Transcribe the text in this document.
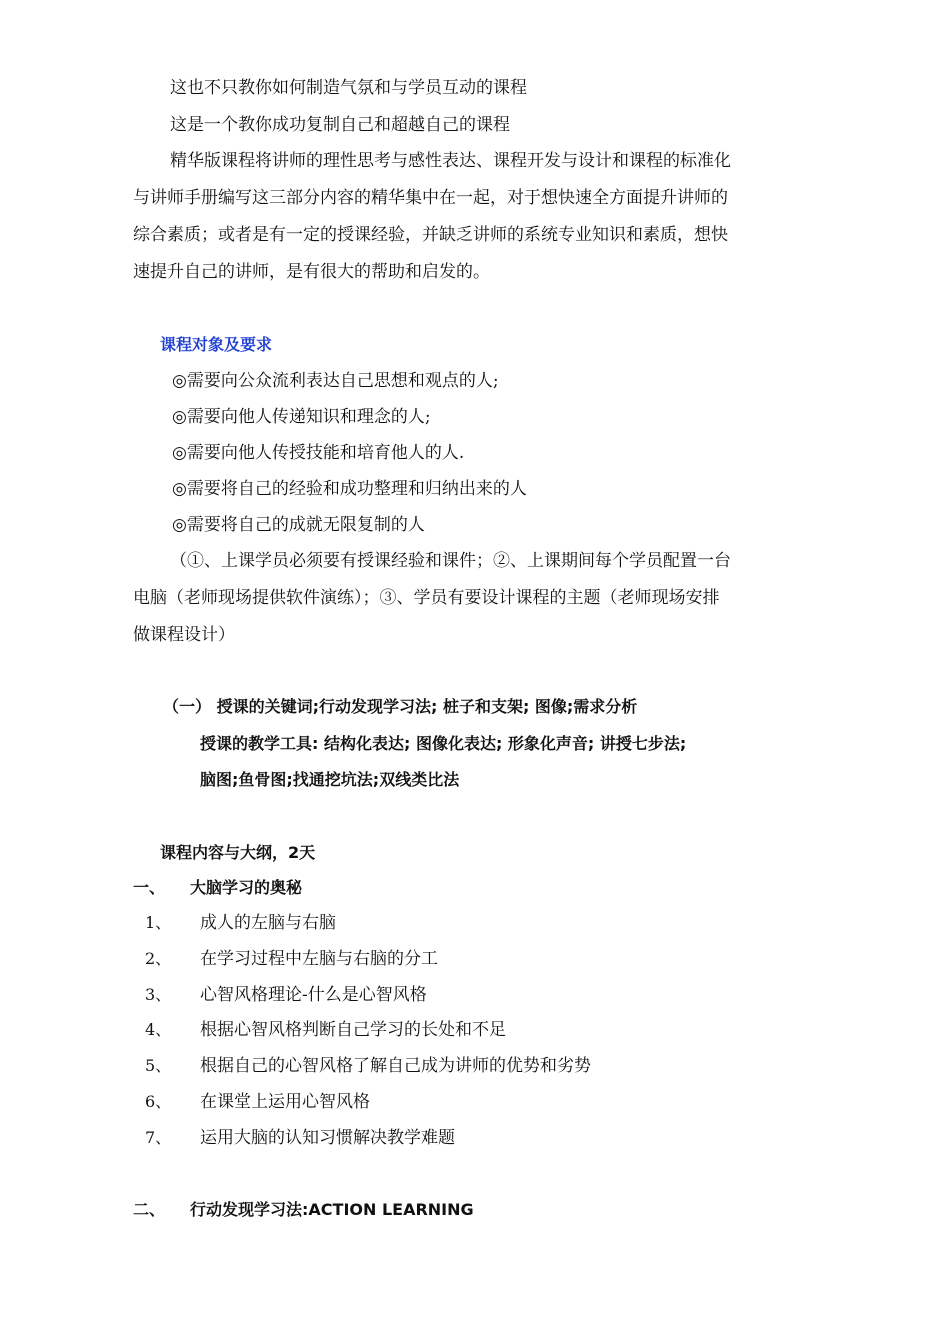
这也不只教你如何制造气氛和与学员互动的课程
这是一个教你成功复制自己和超越自己的课程
精华版课程将讲师的理性思考与感性表达、课程开发与设计和课程的标准化
与讲师手册编写这三部分内容的精华集中在一起，对于想快速全方面提升讲师的
综合素质；或者是有一定的授课经验，并缺乏讲师的系统专业知识和素质，想快
速提升自己的讲师，是有很大的帮助和启发的。
课程对象及要求
◎需要向公众流利表达自己思想和观点的人;
◎需要向他人传递知识和理念的人;
◎需要向他人传授技能和培育他人的人.
◎需要将自己的经验和成功整理和归纳出来的人
◎需要将自己的成就无限复制的人
（①、上课学员必须要有授课经验和课件；②、上课期间每个学员配置一台
电脑（老师现场提供软件演练）；③、学员有要设计课程的主题（老师现场安排
做课程设计）
（一） 授课的关键词;行动发现学习法; 桩子和支架; 图像;需求分析
授课的教学工具: 结构化表达; 图像化表达; 形象化声音; 讲授七步法;
脑图;鱼骨图;找通挖坑法;双线类比法
课程内容与大纲，2天
一、 大脑学习的奥秘
1、 成人的左脑与右脑
2、 在学习过程中左脑与右脑的分工
3、 心智风格理论-什么是心智风格
4、 根据心智风格判断自己学习的长处和不足
5、 根据自己的心智风格了解自己成为讲师的优势和劣势
6、 在课堂上运用心智风格
7、 运用大脑的认知习惯解决教学难题
二、 行动发现学习法:ACTION LEARNING
